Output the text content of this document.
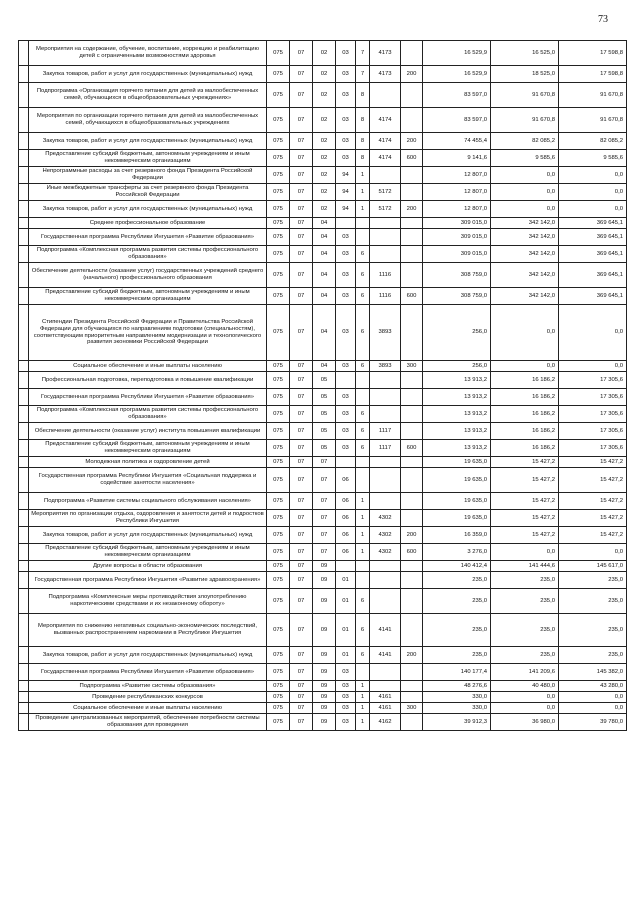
73
	Мероприятия на содержание, обучение, воспитание, коррекцию и реабилитацию детей с ограниченными возможностями здоровья	075	07	02	03	7	4173		16 529,9	16 525,0	17 598,8
	Закупка товаров, работ и услуг для государственных (муниципальных) нужд	075	07	02	03	7	4173	200	16 529,9	18 525,0	17 598,8
	Подпрограмма «Организация горячего питания для детей из малообеспеченных семей, обучающихся в общеобразовательных учреждениях»	075	07	02	03	8			83 597,0	91 670,8	91 670,8
	Мероприятия по организации горячего питания для детей из малообеспеченных семей, обучающихся в общеобразовательных учреждениях	075	07	02	03	8	4174		83 597,0	91 670,8	91 670,8
	Закупка товаров, работ и услуг для государственных (муниципальных) нужд	075	07	02	03	8	4174	200	74 455,4	82 085,2	82 085,2
	Предоставление субсидий бюджетным, автономным учреждениям и иным некоммерческим организациям	075	07	02	03	8	4174	600	9 141,6	9 585,6	9 585,6
	Непрограммные расходы за счет резервного фонда Президента Российской Федерации	075	07	02	94	1			12 807,0	0,0	0,0
	Иные межбюджетные трансферты за счет резервного фонда Президента Российской Федерации	075	07	02	94	1	5172		12 807,0	0,0	0,0
	Закупка товаров, работ и услуг для государственных (муниципальных) нужд	075	07	02	94	1	5172	200	12 807,0	0,0	0,0
	Среднее профессиональное образование	075	07	04					309 015,0	342 142,0	369 645,1
	Государственная программа Республики Ингушетия «Развитие образования»	075	07	04	03				309 015,0	342 142,0	369 645,1
	Подпрограмма «Комплексная программа развития системы профессионального образования»	075	07	04	03	6			309 015,0	342 142,0	369 645,1
	Обеспечение деятельности (оказание услуг) государственных учреждений среднего (начального) профессионального образования	075	07	04	03	6	1116		308 759,0	342 142,0	369 645,1
	Предоставление субсидий бюджетным, автономным учреждениям и иным некоммерческим организациям	075	07	04	03	6	1116	600	308 759,0	342 142,0	369 645,1
	Стипендии Президента Российской Федерации и Правительства Российской Федерации для обучающихся по направлениям подготовки (специальностям), соответствующим приоритетным направлениям модернизации и технологического развития экономики Российской Федерации	075	07	04	03	6	3893		256,0	0,0	0,0
	Социальное обеспечение и иные выплаты населению	075	07	04	03	6	3893	300	256,0	0,0	0,0
	Профессиональная подготовка, переподготовка и повышение квалификации	075	07	05					13 913,2	16 186,2	17 305,6
	Государственная программа Республики Ингушетия «Развитие образования»	075	07	05	03				13 913,2	16 186,2	17 305,6
	Подпрограмма «Комплексная программа развития системы профессионального образования»	075	07	05	03	6			13 913,2	16 186,2	17 305,6
	Обеспечение деятельности (оказание услуг) института повышения квалификации	075	07	05	03	6	1117		13 913,2	16 186,2	17 305,6
	Предоставление субсидий бюджетным, автономным учреждениям и иным некоммерческим организациям	075	07	05	03	6	1117	600	13 913,2	16 186,2	17 305,6
	Молодежная политика и оздоровление детей	075	07	07					19 635,0	15 427,2	15 427,2
	Государственная программа Республики Ингушетия «Социальная поддержка и содействие занятости населения»	075	07	07	06				19 635,0	15 427,2	15 427,2
	Подпрограмма «Развитие системы социального обслуживания населения»	075	07	07	06	1			19 635,0	15 427,2	15 427,2
	Мероприятия по организации отдыха, оздоровления и занятости детей и подростков Республики Ингушетия	075	07	07	06	1	4302		19 635,0	15 427,2	15 427,2
	Закупка товаров, работ и услуг для государственных (муниципальных) нужд	075	07	07	06	1	4302	200	16 359,0	15 427,2	15 427,2
	Предоставление субсидий бюджетным, автономным учреждениям и иным некоммерческим организациям	075	07	07	06	1	4302	600	3 276,0	0,0	0,0
	Другие вопросы в области образования	075	07	09					140 412,4	141 444,6	145 617,0
	Государственная программа Республики Ингушетия «Развитие здравоохранения»	075	07	09	01				235,0	235,0	235,0
	Подпрограмма «Комплексные меры противодействия злоупотреблению наркотическими средствами и их незаконному обороту»	075	07	09	01	6			235,0	235,0	235,0
	Мероприятия по снижению негативных социально-экономических последствий, вызванных распространением наркомании в Республике Ингушетия	075	07	09	01	6	4141		235,0	235,0	235,0
	Закупка товаров, работ и услуг для государственных (муниципальных) нужд	075	07	09	01	6	4141	200	235,0	235,0	235,0
	Государственная программа Республики Ингушетия «Развитие образования»	075	07	09	03				140 177,4	141 209,6	145 382,0
	Подпрограмма «Развитие системы образования»	075	07	09	03	1			48 276,6	40 480,0	43 280,0
	Проведение республиканских конкурсов	075	07	09	03	1	4161		330,0	0,0	0,0
	Социальное обеспечение и иные выплаты населению	075	07	09	03	1	4161	300	330,0	0,0	0,0
	Проведение централизованных мероприятий, обеспечение потребности системы образования для проведения	075	07	09	03	1	4162		39 912,3	36 980,0	39 780,0
